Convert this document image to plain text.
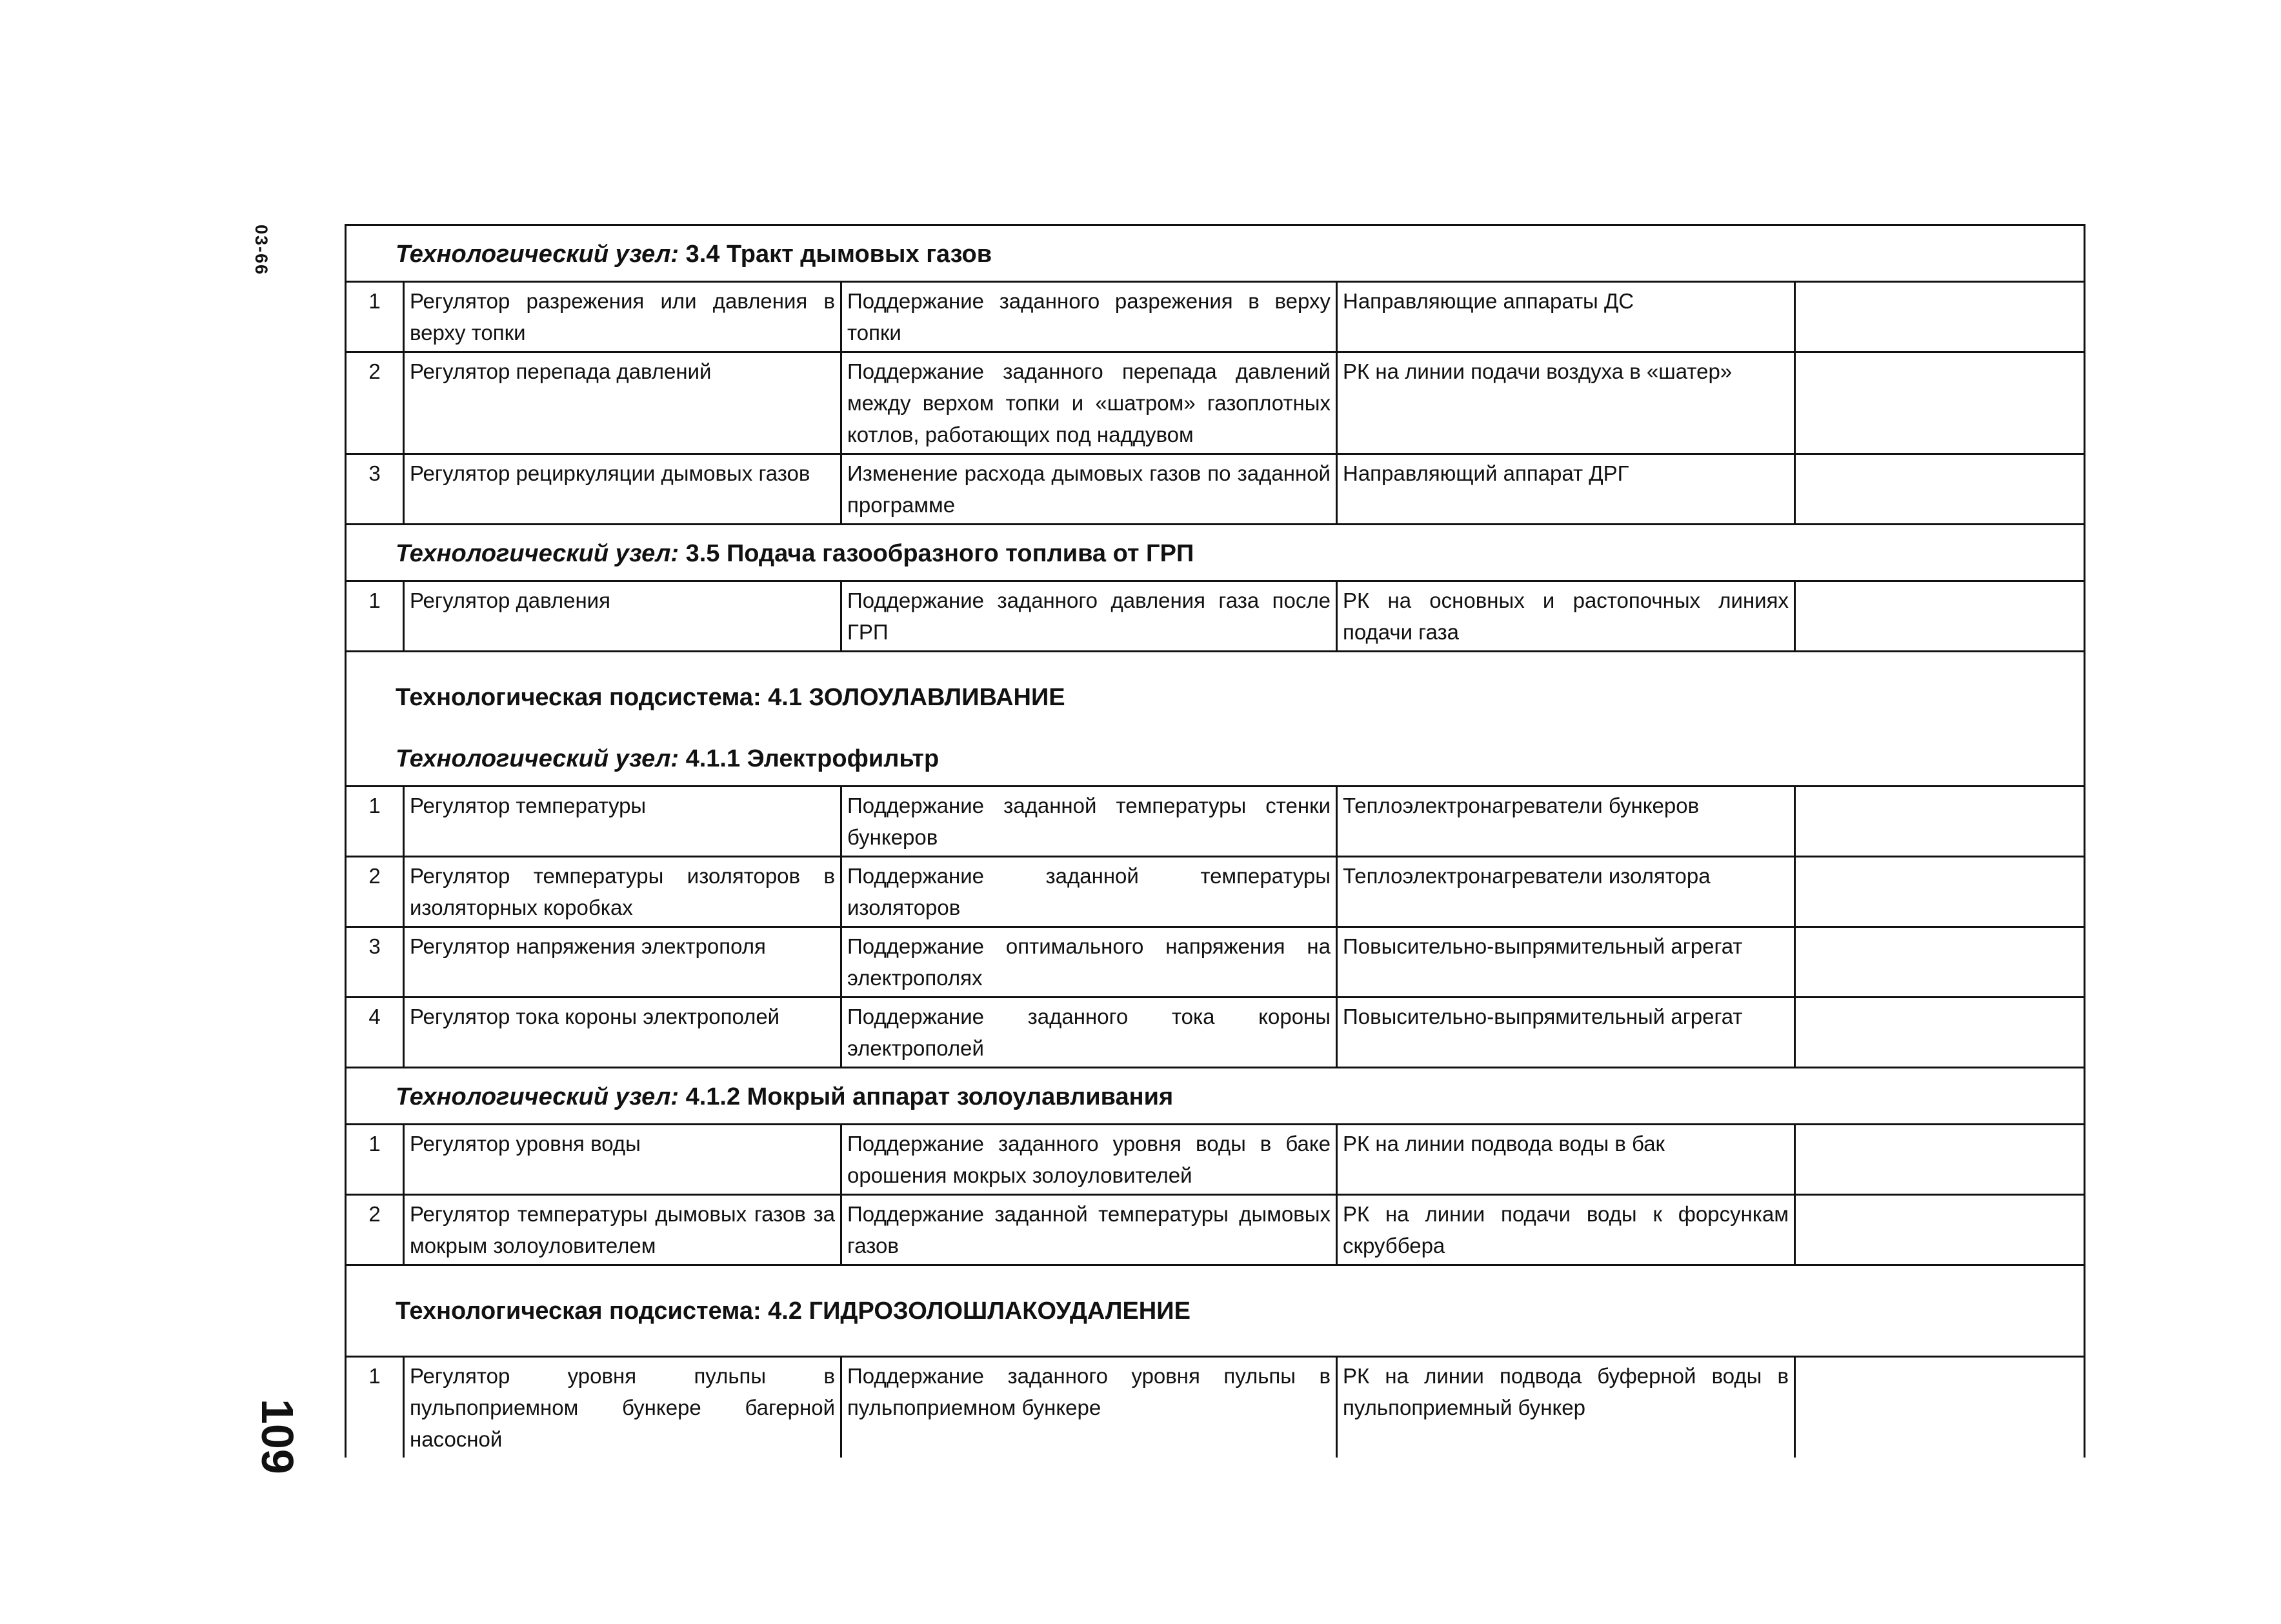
03-66
109
Технологический узел: 3.4 Тракт дымовых газов				
1	Регулятор разрежения или давления в верху топки	Поддержание заданного разрежения в верху топки	Направляющие аппараты ДС	
2	Регулятор перепада давлений	Поддержание заданного перепада давлений между верхом топки и «шатром» газоплотных котлов, работающих под наддувом	РК на линии подачи воздуха в «шатер»	
3	Регулятор рециркуляции дымовых газов	Изменение расхода дымовых газов по заданной программе	Направляющий аппарат ДРГ	
Технологический узел: 3.5 Подача газообразного топлива от ГРП				
1	Регулятор давления	Поддержание заданного давления газа после ГРП	РК на основных и растопочных линиях подачи газа	

Технологическая подсистема: 4.1 ЗОЛОУЛАВЛИВАНИЕ
Технологический узел: 4.1.1 Электрофильтр				

1	Регулятор температуры	Поддержание заданной температуры стенки бункеров	Теплоэлектронагреватели бункеров	
2	Регулятор температуры изоляторов в изоляторных коробках	Поддержание заданной температуры изоляторов	Теплоэлектронагреватели изолятора	
3	Регулятор напряжения электрополя	Поддержание оптимального напряжения на электрополях	Повысительно-выпрямительный агрегат	
4	Регулятор тока короны электрополей	Поддержание заданного тока короны электрополей	Повысительно-выпрямительный агрегат	
Технологический узел: 4.1.2 Мокрый аппарат золоулавливания				
1	Регулятор уровня воды	Поддержание заданного уровня воды в баке орошения мокрых золоуловителей	РК на линии подвода воды в бак	
2	Регулятор температуры дымовых газов за мокрым золоуловителем	Поддержание заданной температуры дымовых газов	РК на линии подачи воды к форсункам скруббера	

Технологическая подсистема: 4.2 ГИДРОЗОЛОШЛАКОУДАЛЕНИЕ				

1	Регулятор уровня пульпы в пульпоприемном бункере багерной насосной	Поддержание заданного уровня пульпы в пульпоприемном бункере	РК на линии подвода буферной воды в пульпоприемный бункер	
